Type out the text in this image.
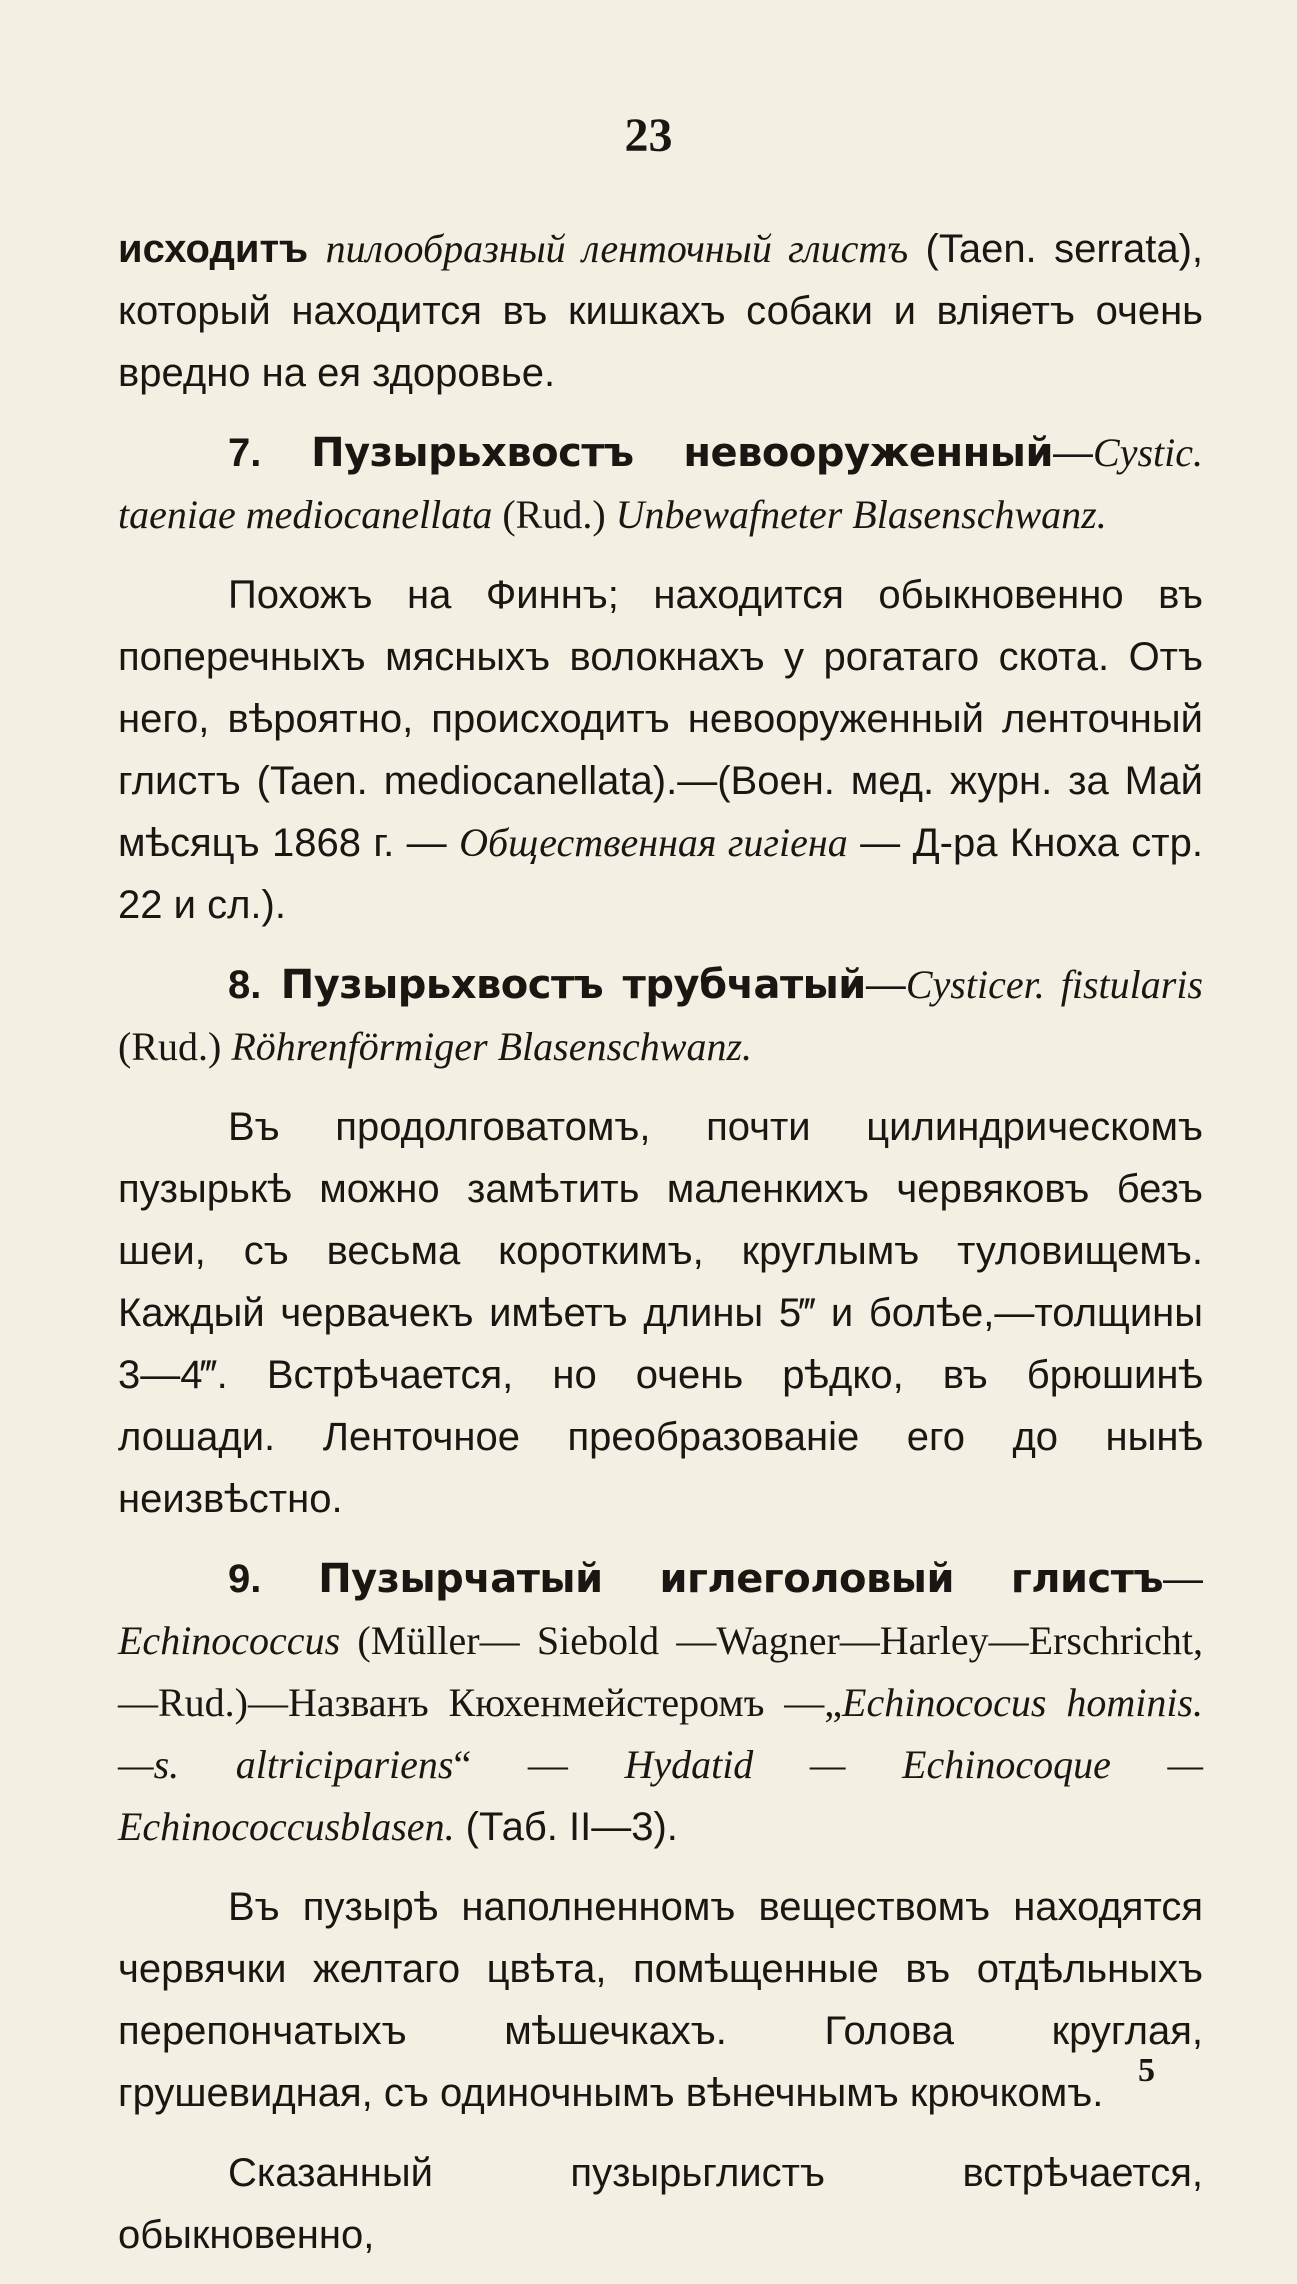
23

исходитъ пилообразный ленточный глистъ (Taen. serrata), который находится въ кишкахъ собаки и вліяетъ очень вредно на ея здоровье.

7. Пузырьхвостъ невооруженный—Cystic. taeniae mediocanellata (Rud.) Unbewafneter Blasenschwanz.

Похожъ на Финнъ; находится обыкновенно въ поперечныхъ мясныхъ волокнахъ у рогатаго скота. Отъ него, вѣроятно, происходитъ невооруженный ленточный глистъ (Taen. mediocanellata).—(Воен. мед. журн. за Май мѣсяцъ 1868 г. — Общественная гигіена — Д-ра Кноха стр. 22 и сл.).

8. Пузырьхвостъ трубчатый—Cysticer. fistularis (Rud.) Röhrenförmiger Blasenschwanz.

Въ продолговатомъ, почти цилиндрическомъ пузырькѣ можно замѣтить маленкихъ червяковъ безъ шеи, съ весьма короткимъ, круглымъ туловищемъ. Каждый червачекъ имѣетъ длины 5‴ и болѣе,—толщины 3—4‴. Встрѣчается, но очень рѣдко, въ брюшинѣ лошади. Ленточное преобразованіе его до нынѣ неизвѣстно.

9. Пузырчатый иглеголовый глистъ—Echinococcus (Müller— Siebold —Wagner—Harley—Erschricht,—Rud.)—Названъ Кюхенмейстеромъ —„Echinococus hominis.—s. altricipariens“ — Hydatid — Echinocoque — Echinococcusblasen. (Таб. II—3).

Въ пузырѣ наполненномъ веществомъ находятся червячки желтаго цвѣта, помѣщенные въ отдѣльныхъ перепончатыхъ мѣшечкахъ. Голова круглая, грушевидная, съ одиночнымъ вѣнечнымъ крючкомъ.

Сказанный пузырьглистъ встрѣчается, обыкновенно,

5
